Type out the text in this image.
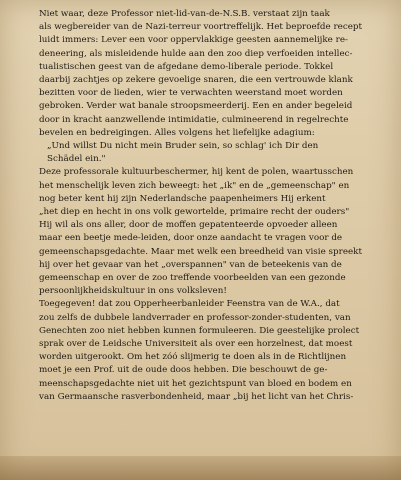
Niet waar, deze Professor niet-lid-van-de-N.S.B. verstaat zijn taak
als wegbereider van de Nazi-terreur voortreffelijk. Het beproefde recept
luidt immers: Lever een voor oppervlakkige geesten aannemelijke re-
deneering, als misleidende hulde aan den zoo diep verfoeiden intellec-
tualistischen geest van de afgedane demo-liberale periode. Tokkel
daarbij zachtjes op zekere gevoelige snaren, die een vertrouwde klank
bezitten voor de lieden, wier te verwachten weerstand moet worden
gebroken. Verder wat banale stroopsmeerderij. Een en ander begeleid
door in kracht aanzwellende intimidatie, culmineerend in regelrechte
bevelen en bedreigingen. Alles volgens het liefelijke adagium:

„Und willst Du nicht mein Bruder sein, so schlag' ich Dir den
Schädel ein."

Deze professorale kultuurbeschermer, hij kent de polen, waartusschen
het menschelijk leven zich beweegt: het „ik" en de „gemeenschap" en
nog beter kent hij zijn Nederlandsche paapenheimers Hij erkent
„het diep en hecht in ons volk gewortelde, primaire recht der ouders"
Hij wil als ons aller, door de moffen gepatenteerde opvoeder alleen
maar een beetje mede-leiden, door onze aandacht te vragen voor de
gemeenschapsgedachte. Maar met welk een breedheid van visie spreekt
hij over het gevaar van het „overspannen" van de beteekenis van de
gemeenschap en over de zoo treffende voorbeelden van een gezonde
persoonlijkheidskultuur in ons volksleven!

Toegegeven! dat zou Opperheerbanleider Feenstra van de W.A., dat
zou zelfs de dubbele landverrader en professor-zonder-studenten, van
Genechten zoo niet hebben kunnen formuleeren. Die geestelijke prolect
sprak over de Leidsche Universiteit als over een horzelnest, dat moest
worden uitgerookt. Om het zóó slijmerig te doen als in de Richtlijnen
moet je een Prof. uit de oude doos hebben. Die beschouwt de ge-
meenschapsgedachte niet uit het gezichtspunt van bloed en bodem en
van Germaansche rasverbondenheid, maar „bij het licht van het Chris-
